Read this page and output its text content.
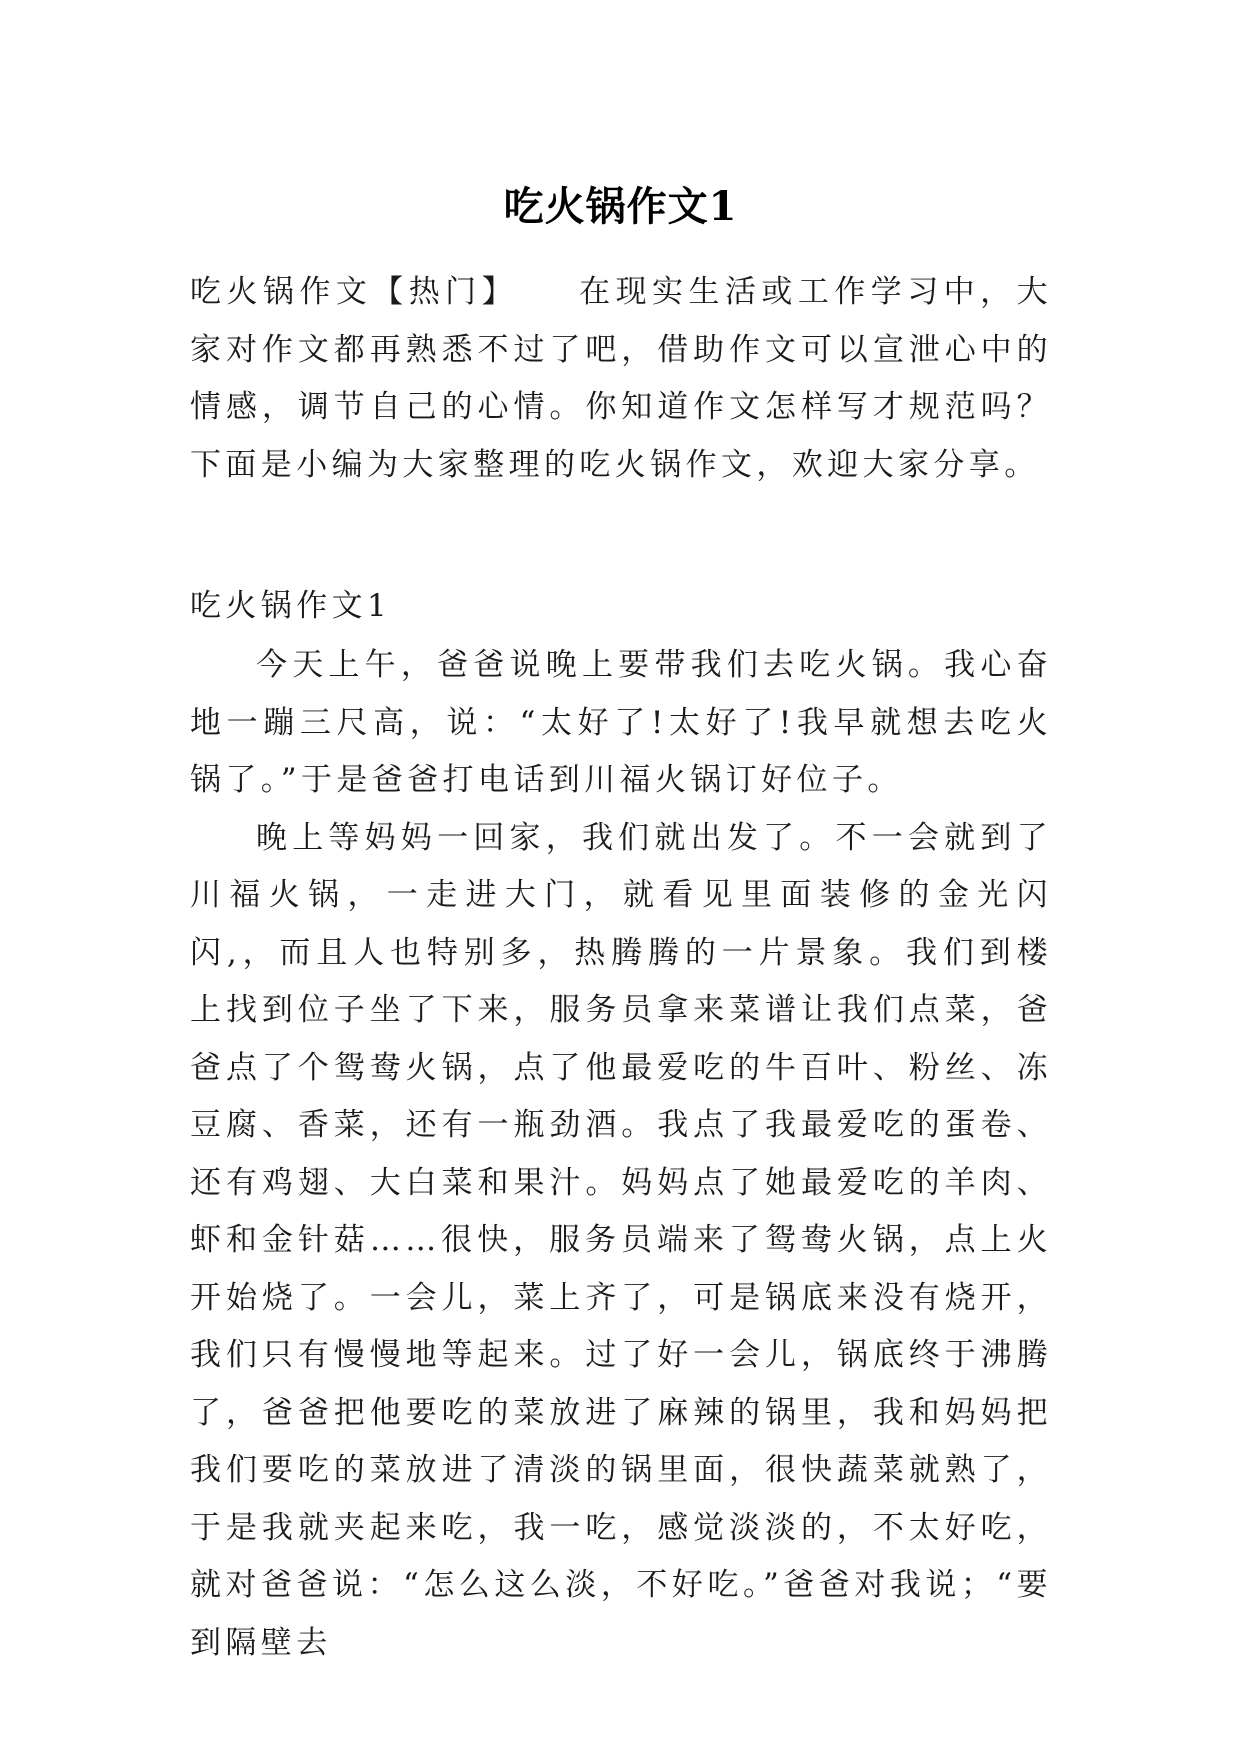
吃火锅作文1
吃火锅作文【热门】 在现实生活或工作学习中，大家对作文都再熟悉不过了吧，借助作文可以宣泄心中的情感，调节自己的心情。你知道作文怎样写才规范吗？下面是小编为大家整理的吃火锅作文，欢迎大家分享。
吃火锅作文1

今天上午，爸爸说晚上要带我们去吃火锅。我心奋地一蹦三尺高，说：“太好了!太好了!我早就想去吃火锅了。”于是爸爸打电话到川福火锅订好位子。

晚上等妈妈一回家，我们就出发了。不一会就到了川福火锅，一走进大门，就看见里面装修的金光闪闪,，而且人也特别多，热腾腾的一片景象。我们到楼上找到位子坐了下来，服务员拿来菜谱让我们点菜，爸爸点了个鸳鸯火锅，点了他最爱吃的牛百叶、粉丝、冻豆腐、香菜，还有一瓶劲酒。我点了我最爱吃的蛋卷、还有鸡翅、大白菜和果汁。妈妈点了她最爱吃的羊肉、虾和金针菇……很快，服务员端来了鸳鸯火锅，点上火开始烧了。一会儿，菜上齐了，可是锅底来没有烧开，我们只有慢慢地等起来。过了好一会儿，锅底终于沸腾了，爸爸把他要吃的菜放进了麻辣的锅里，我和妈妈把我们要吃的菜放进了清淡的锅里面，很快蔬菜就熟了，于是我就夹起来吃，我一吃，感觉淡淡的，不太好吃，就对爸爸说：“怎么这么淡，不好吃。”爸爸对我说；“要到隔壁去
